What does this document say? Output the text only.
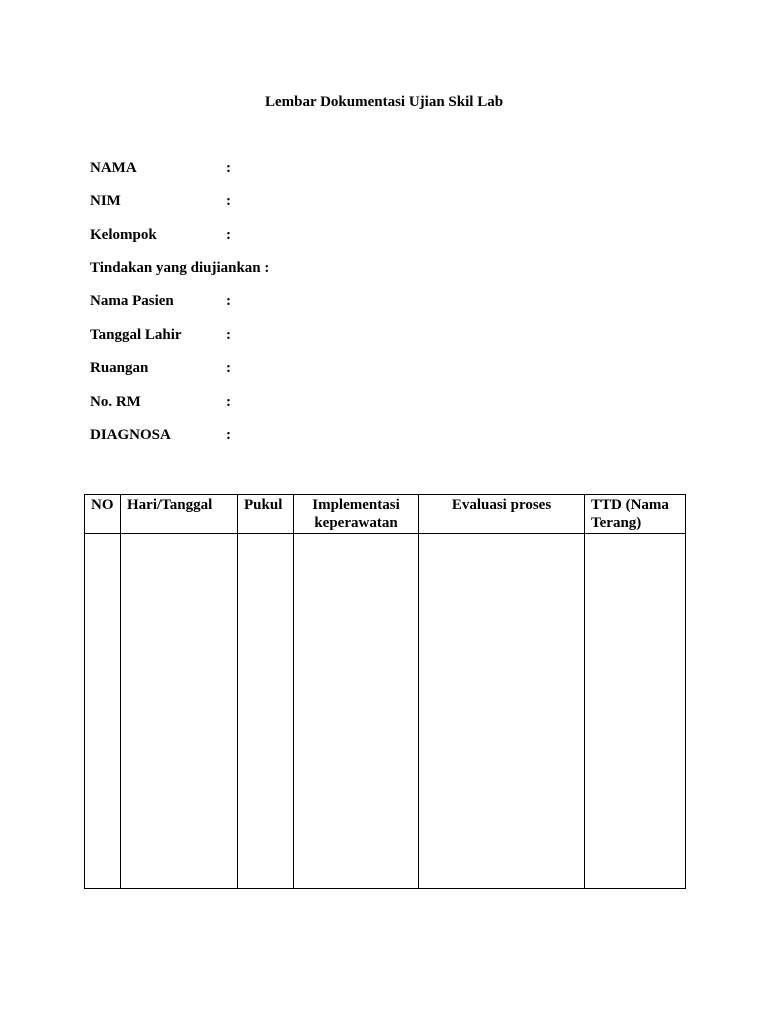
Lembar Dokumentasi Ujian Skil Lab
NAMA	:
NIM	:
Kelompok	:
Tindakan yang diujiankan :
Nama Pasien	:
Tanggal Lahir	:
Ruangan	:
No. RM	:
DIAGNOSA	:
NO	Hari/Tanggal	Pukul	Implementasi keperawatan	Evaluasi proses	TTD (Nama Terang)
